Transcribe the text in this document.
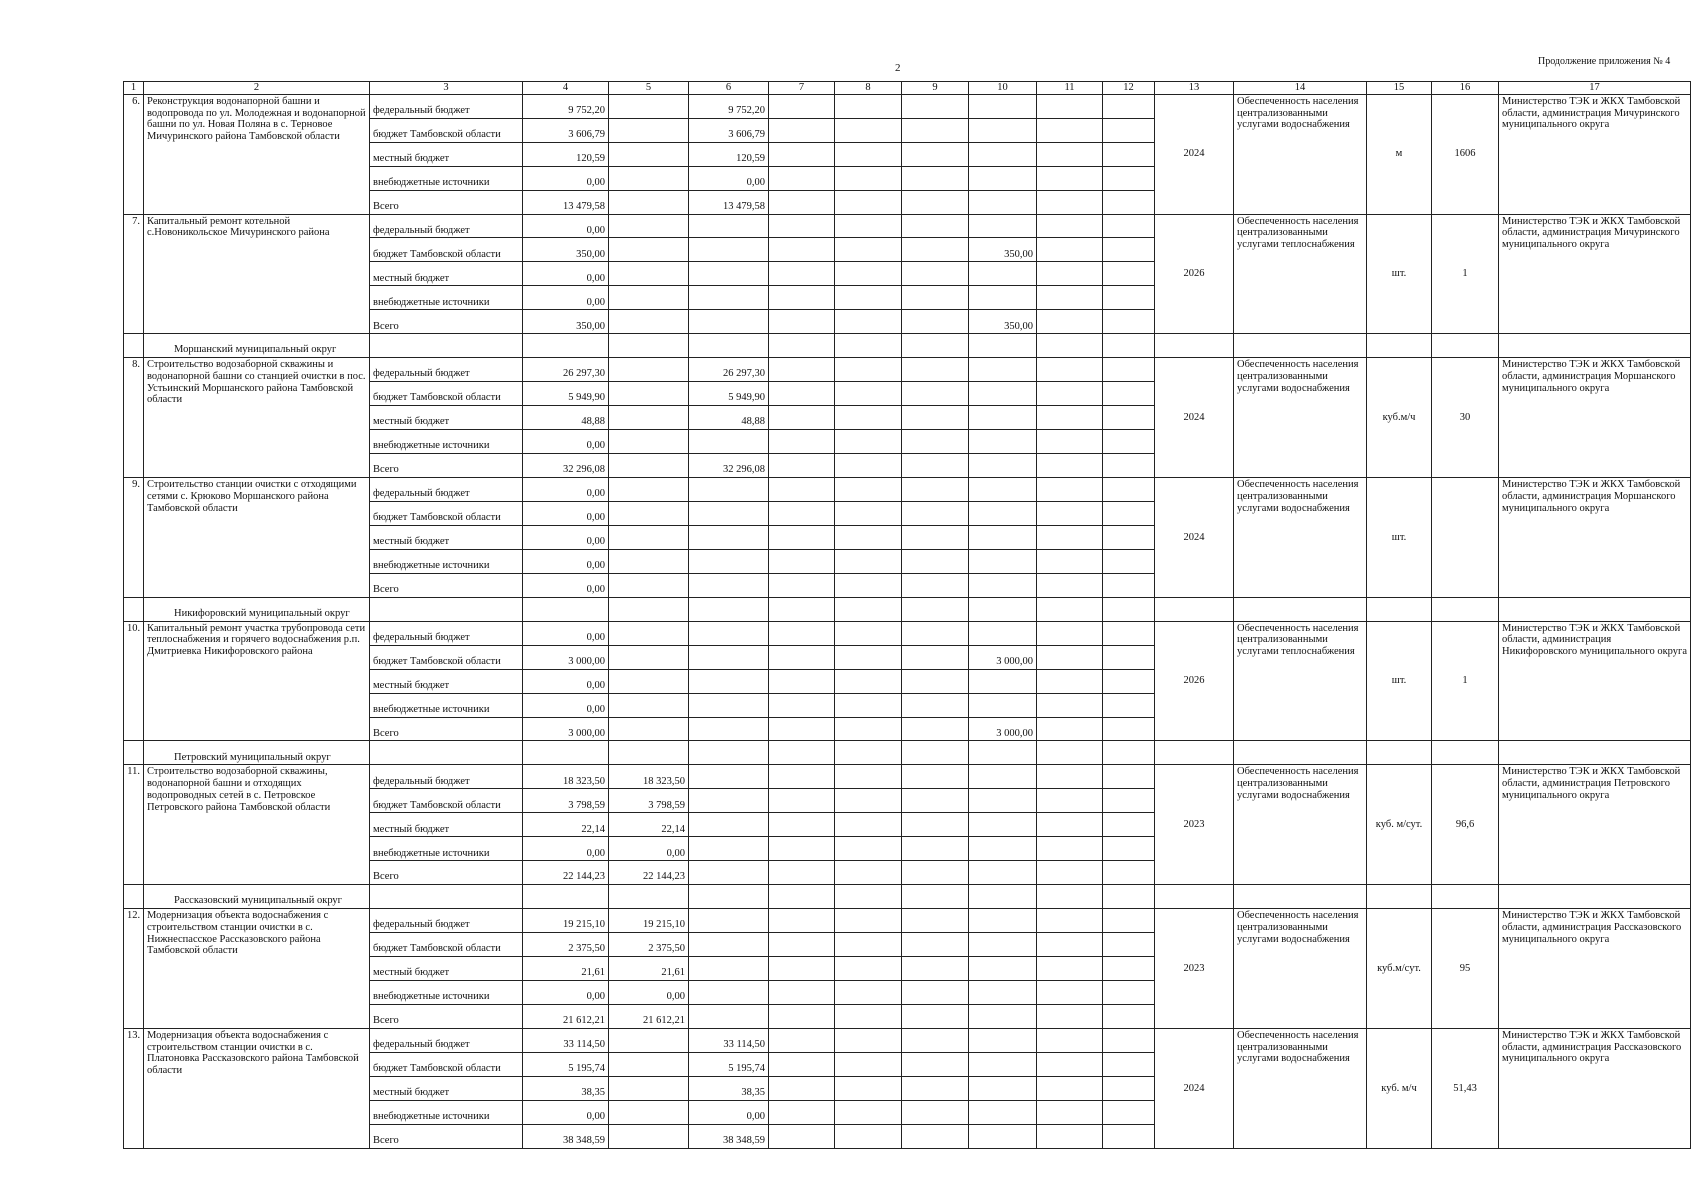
2
Продолжение приложения № 4
1	2	3	4	5	6	7	8	9	10	11	12	13	14	15	16	17
6.	Реконструкция водонапорной башни и водопровода по ул. Молодежная и водонапорной башни по ул. Новая Поляна в с. Терновое Мичуринского района Тамбовской области	федеральный бюджет	9 752,20		9 752,20							2024	Обеспеченность населения централизованными услугами водоснабжения	м	1606	Министерство ТЭК и ЖКХ Тамбовской области, администрация Мичуринского муниципального округа
		бюджет Тамбовской области	3 606,79		3 606,79											
		местный бюджет	120,59		120,59											
		внебюджетные источники	0,00		0,00											
		Всего	13 479,58		13 479,58											
7.	Капитальный ремонт котельной с.Новоникольское Мичуринского района	федеральный бюджет	0,00									2026	Обеспеченность населения централизованными услугами теплоснабжения	шт.	1	Министерство ТЭК и ЖКХ Тамбовской области, администрация Мичуринского муниципального округа
		бюджет Тамбовской области	350,00						350,00							
		местный бюджет	0,00													
		внебюджетные источники	0,00													
		Всего	350,00						350,00							
	Моршанский муниципальный округ															
8.	Строительство водозаборной скважины и водонапорной башни со станцией очистки в пос. Устьинский Моршанского района Тамбовской области	федеральный бюджет	26 297,30		26 297,30							2024	Обеспеченность населения централизованными услугами водоснабжения	куб.м/ч	30	Министерство ТЭК и ЖКХ Тамбовской области, администрация Моршанского муниципального округа
		бюджет Тамбовской области	5 949,90		5 949,90											
		местный бюджет	48,88		48,88											
		внебюджетные источники	0,00													
		Всего	32 296,08		32 296,08											
9.	Строительство станции очистки с отходящими сетями с. Крюково Моршанского района Тамбовской области	федеральный бюджет	0,00									2024	Обеспеченность населения централизованными услугами водоснабжения	шт.		Министерство ТЭК и ЖКХ Тамбовской области, администрация Моршанского муниципального округа
		бюджет Тамбовской области	0,00													
		местный бюджет	0,00													
		внебюджетные источники	0,00													
		Всего	0,00													
	Никифоровский муниципальный округ															
10.	Капитальный ремонт участка трубопровода сети теплоснабжения и горячего водоснабжения р.п. Дмитриевка Никифоровского района	федеральный бюджет	0,00									2026	Обеспеченность населения централизованными услугами теплоснабжения	шт.	1	Министерство ТЭК и ЖКХ Тамбовской области, администрация Никифоровского муниципального округа
		бюджет Тамбовской области	3 000,00						3 000,00							
		местный бюджет	0,00													
		внебюджетные источники	0,00													
		Всего	3 000,00						3 000,00							
	Петровский муниципальный округ															
11.	Строительство водозаборной скважины, водонапорной башни и отходящих водопроводных сетей в с. Петровское Петровского района Тамбовской области	федеральный бюджет	18 323,50	18 323,50								2023	Обеспеченность населения централизованными услугами водоснабжения	куб. м/сут.	96,6	Министерство ТЭК и ЖКХ Тамбовской области, администрация Петровского муниципального округа
		бюджет Тамбовской области	3 798,59	3 798,59												
		местный бюджет	22,14	22,14												
		внебюджетные источники	0,00	0,00												
		Всего	22 144,23	22 144,23												
	Рассказовский муниципальный округ															
12.	Модернизация объекта водоснабжения с строительством станции очистки в с. Нижнеспасское Рассказовского района Тамбовской области	федеральный бюджет	19 215,10	19 215,10								2023	Обеспеченность населения централизованными услугами водоснабжения	куб.м/сут.	95	Министерство ТЭК и ЖКХ Тамбовской области, администрация Рассказовского муниципального округа
		бюджет Тамбовской области	2 375,50	2 375,50												
		местный бюджет	21,61	21,61												
		внебюджетные источники	0,00	0,00												
		Всего	21 612,21	21 612,21												
13.	Модернизация объекта водоснабжения с строительством станции очистки в с. Платоновка Рассказовского района Тамбовской области	федеральный бюджет	33 114,50		33 114,50							2024	Обеспеченность населения централизованными услугами водоснабжения	куб. м/ч	51,43	Министерство ТЭК и ЖКХ Тамбовской области, администрация Рассказовского муниципального округа
		бюджет Тамбовской области	5 195,74		5 195,74											
		местный бюджет	38,35		38,35											
		внебюджетные источники	0,00		0,00											
		Всего	38 348,59		38 348,59											
